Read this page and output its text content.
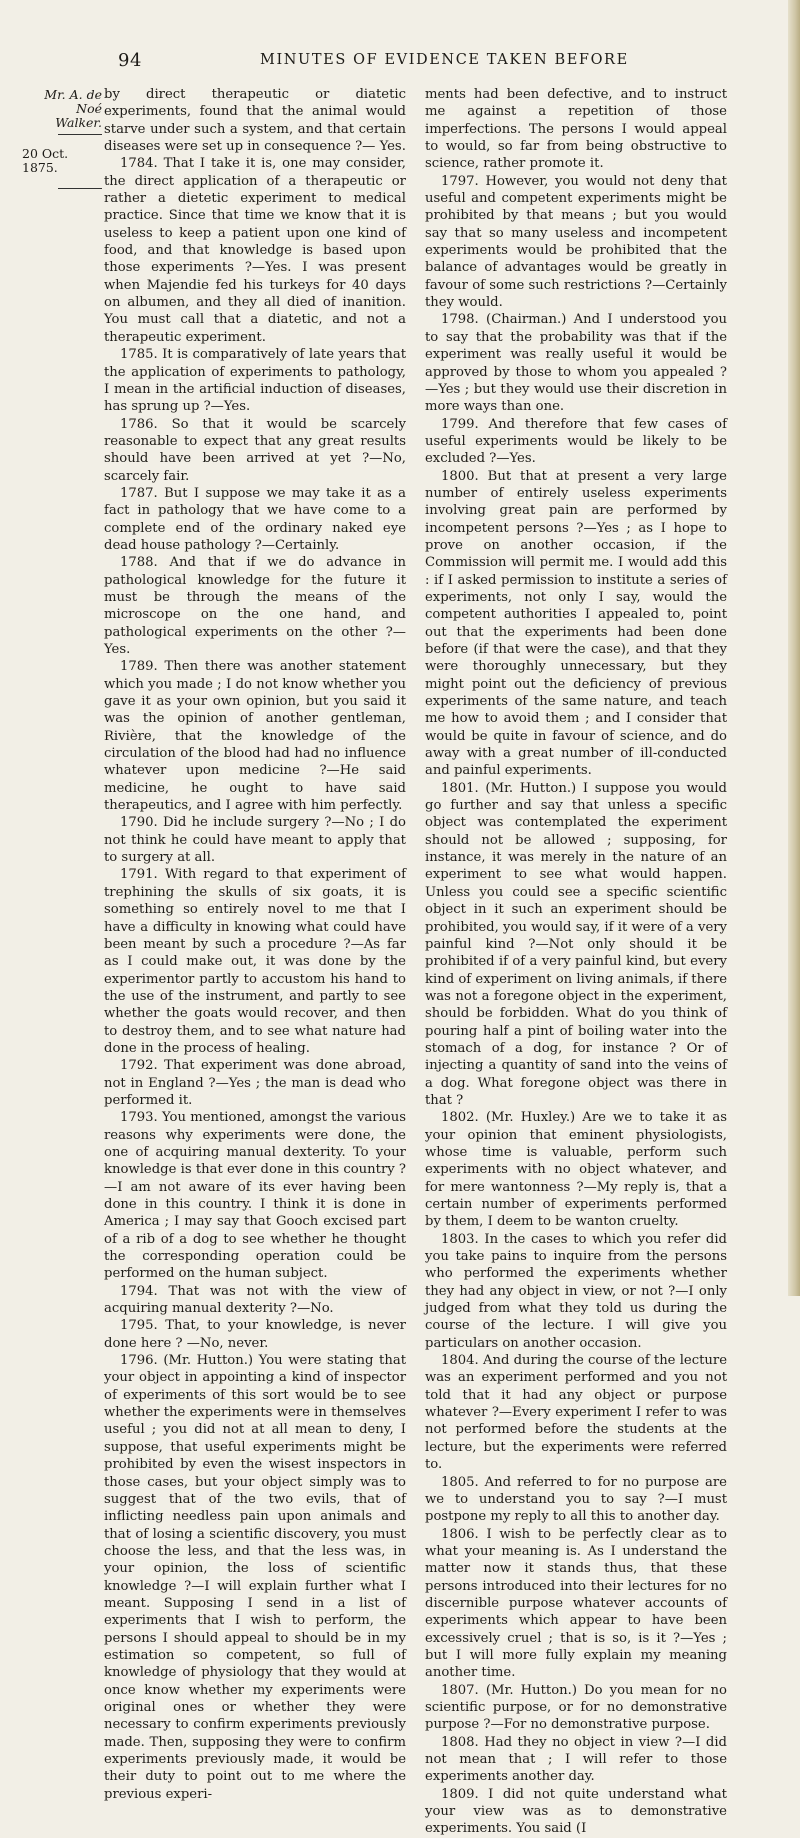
94	MINUTES OF EVIDENCE TAKEN BEFORE
Mr. A. de Noé
Walker.
20 Oct. 1875.

by direct therapeutic or diatetic experiments, found that the animal would starve under such a system, and that certain diseases were set up in consequence ?— Yes.

1784. That I take it is, one may consider, the direct application of a therapeutic or rather a dietetic experiment to medical practice. Since that time we know that it is useless to keep a patient upon one kind of food, and that knowledge is based upon those experiments ?—Yes. I was present when Majendie fed his turkeys for 40 days on albumen, and they all died of inanition. You must call that a diatetic, and not a therapeutic experiment.

1785. It is comparatively of late years that the application of experiments to pathology, I mean in the artificial induction of diseases, has sprung up ?—Yes.

1786. So that it would be scarcely reasonable to expect that any great results should have been arrived at yet ?—No, scarcely fair.

1787. But I suppose we may take it as a fact in pathology that we have come to a complete end of the ordinary naked eye dead house pathology ?—Certainly.

1788. And that if we do advance in pathological knowledge for the future it must be through the means of the microscope on the one hand, and pathological experiments on the other ?—Yes.

1789. Then there was another statement which you made ; I do not know whether you gave it as your own opinion, but you said it was the opinion of another gentleman, Rivière, that the knowledge of the circulation of the blood had had no influence whatever upon medicine ?—He said medicine, he ought to have said therapeutics, and I agree with him perfectly.

1790. Did he include surgery ?—No ; I do not think he could have meant to apply that to surgery at all.

1791. With regard to that experiment of trephining the skulls of six goats, it is something so entirely novel to me that I have a difficulty in knowing what could have been meant by such a procedure ?—As far as I could make out, it was done by the experimentor partly to accustom his hand to the use of the instrument, and partly to see whether the goats would recover, and then to destroy them, and to see what nature had done in the process of healing.

1792. That experiment was done abroad, not in England ?—Yes ; the man is dead who performed it.

1793. You mentioned, amongst the various reasons why experiments were done, the one of acquiring manual dexterity. To your knowledge is that ever done in this country ?—I am not aware of its ever having been done in this country. I think it is done in America ; I may say that Gooch excised part of a rib of a dog to see whether he thought the corresponding operation could be performed on the human subject.

1794. That was not with the view of acquiring manual dexterity ?—No.

1795. That, to your knowledge, is never done here ? —No, never.

1796. (Mr. Hutton.) You were stating that your object in appointing a kind of inspector of experiments of this sort would be to see whether the experiments were in themselves useful ; you did not at all mean to deny, I suppose, that useful experiments might be prohibited by even the wisest inspectors in those cases, but your object simply was to suggest that of the two evils, that of inflicting needless pain upon animals and that of losing a scientific discovery, you must choose the less, and that the less was, in your opinion, the loss of scientific knowledge ?—I will explain further what I meant. Supposing I send in a list of experiments that I wish to perform, the persons I should appeal to should be in my estimation so competent, so full of knowledge of physiology that they would at once know whether my experiments were original ones or whether they were necessary to confirm experiments previously made. Then, supposing they were to confirm experiments previously made, it would be their duty to point out to me where the previous experi-

ments had been defective, and to instruct me against a repetition of those imperfections. The persons I would appeal to would, so far from being obstructive to science, rather promote it.

1797. However, you would not deny that useful and competent experiments might be prohibited by that means ; but you would say that so many useless and incompetent experiments would be prohibited that the balance of advantages would be greatly in favour of some such restrictions ?—Certainly they would.

1798. (Chairman.) And I understood you to say that the probability was that if the experiment was really useful it would be approved by those to whom you appealed ?—Yes ; but they would use their discretion in more ways than one.

1799. And therefore that few cases of useful experiments would be likely to be excluded ?—Yes.

1800. But that at present a very large number of entirely useless experiments involving great pain are performed by incompetent persons ?—Yes ; as I hope to prove on another occasion, if the Commission will permit me. I would add this : if I asked permission to institute a series of experiments, not only I say, would the competent authorities I appealed to, point out that the experiments had been done before (if that were the case), and that they were thoroughly unnecessary, but they might point out the deficiency of previous experiments of the same nature, and teach me how to avoid them ; and I consider that would be quite in favour of science, and do away with a great number of ill-conducted and painful experiments.

1801. (Mr. Hutton.) I suppose you would go further and say that unless a specific object was contemplated the experiment should not be allowed ; supposing, for instance, it was merely in the nature of an experiment to see what would happen. Unless you could see a specific scientific object in it such an experiment should be prohibited, you would say, if it were of a very painful kind ?—Not only should it be prohibited if of a very painful kind, but every kind of experiment on living animals, if there was not a foregone object in the experiment, should be forbidden. What do you think of pouring half a pint of boiling water into the stomach of a dog, for instance ? Or of injecting a quantity of sand into the veins of a dog. What foregone object was there in that ?

1802. (Mr. Huxley.) Are we to take it as your opinion that eminent physiologists, whose time is valuable, perform such experiments with no object whatever, and for mere wantonness ?—My reply is, that a certain number of experiments performed by them, I deem to be wanton cruelty.

1803. In the cases to which you refer did you take pains to inquire from the persons who performed the experiments whether they had any object in view, or not ?—I only judged from what they told us during the course of the lecture. I will give you particulars on another occasion.

1804. And during the course of the lecture was an experiment performed and you not told that it had any object or purpose whatever ?—Every experiment I refer to was not performed before the students at the lecture, but the experiments were referred to.

1805. And referred to for no purpose are we to understand you to say ?—I must postpone my reply to all this to another day.

1806. I wish to be perfectly clear as to what your meaning is. As I understand the matter now it stands thus, that these persons introduced into their lectures for no discernible purpose whatever accounts of experiments which appear to have been excessively cruel ; that is so, is it ?—Yes ; but I will more fully explain my meaning another time.

1807. (Mr. Hutton.) Do you mean for no scientific purpose, or for no demonstrative purpose ?—For no demonstrative purpose.

1808. Had they no object in view ?—I did not mean that ; I will refer to those experiments another day.

1809. I did not quite understand what your view was as to demonstrative experiments. You said (I
